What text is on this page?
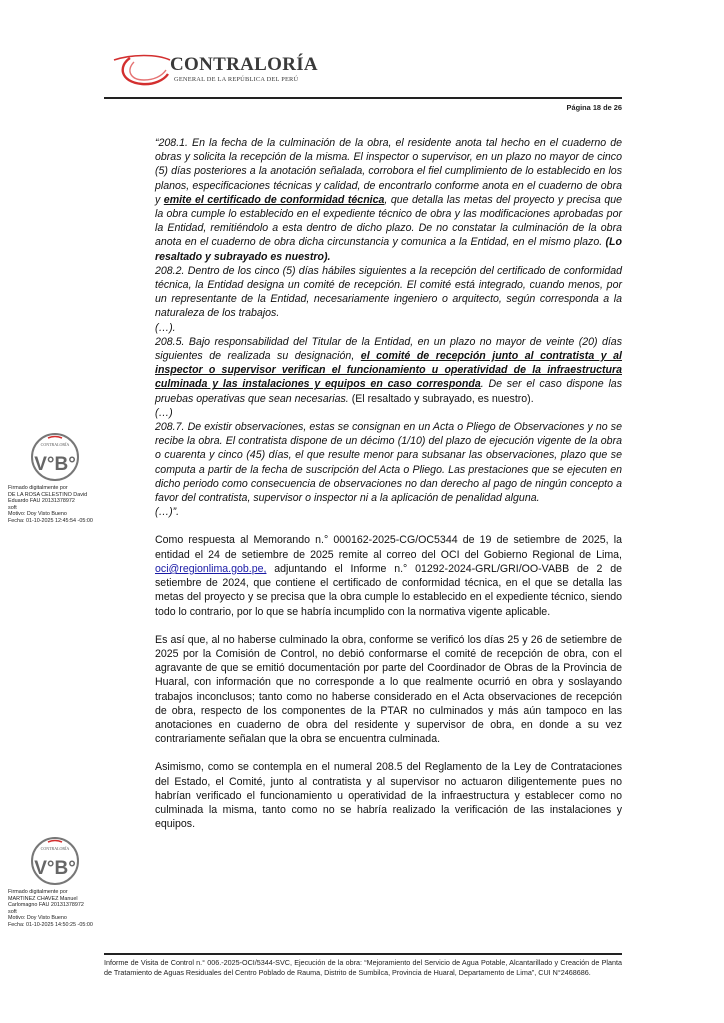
CONTRALORÍA
GENERAL DE LA REPÚBLICA DEL PERÚ
Página 18 de 26

“208.1. En la fecha de la culminación de la obra, el residente anota tal hecho en el cuaderno de obras y solicita la recepción de la misma. El inspector o supervisor, en un plazo no mayor de cinco (5) días posteriores a la anotación señalada, corrobora el fiel cumplimiento de lo establecido en los planos, especificaciones técnicas y calidad, de encontrarlo conforme anota en el cuaderno de obra y emite el certificado de conformidad técnica, que detalla las metas del proyecto y precisa que la obra cumple lo establecido en el expediente técnico de obra y las modificaciones aprobadas por la Entidad, remitiéndolo a esta dentro de dicho plazo. De no constatar la culminación de la obra anota en el cuaderno de obra dicha circunstancia y comunica a la Entidad, en el mismo plazo. (Lo resaltado y subrayado es nuestro).

208.2. Dentro de los cinco (5) días hábiles siguientes a la recepción del certificado de conformidad técnica, la Entidad designa un comité de recepción. El comité está integrado, cuando menos, por un representante de la Entidad, necesariamente ingeniero o arquitecto, según corresponda a la naturaleza de los trabajos.

(…).

208.5. Bajo responsabilidad del Titular de la Entidad, en un plazo no mayor de veinte (20) días siguientes de realizada su designación, el comité de recepción junto al contratista y al inspector o supervisor verifican el funcionamiento u operatividad de la infraestructura culminada y las instalaciones y equipos en caso corresponda. De ser el caso dispone las pruebas operativas que sean necesarias. (El resaltado y subrayado, es nuestro).

(…)

208.7. De existir observaciones, estas se consignan en un Acta o Pliego de Observaciones y no se recibe la obra. El contratista dispone de un décimo (1/10) del plazo de ejecución vigente de la obra o cuarenta y cinco (45) días, el que resulte menor para subsanar las observaciones, plazo que se computa a partir de la fecha de suscripción del Acta o Pliego. Las prestaciones que se ejecuten en dicho periodo como consecuencia de observaciones no dan derecho al pago de ningún concepto a favor del contratista, supervisor o inspector ni a la aplicación de penalidad alguna.

(…)”.

Como respuesta al Memorando n.° 000162-2025-CG/OC5344 de 19 de setiembre de 2025, la entidad el 24 de setiembre de 2025 remite al correo del OCI del Gobierno Regional de Lima, oci@regionlima.gob.pe, adjuntando el Informe n.° 01292-2024-GRL/GRI/OO-VABB de 2 de setiembre de 2024, que contiene el certificado de conformidad técnica, en el que se detalla las metas del proyecto y se precisa que la obra cumple lo establecido en el expediente técnico, siendo todo lo contrario, por lo que se habría incumplido con la normativa vigente aplicable.

Es así que, al no haberse culminado la obra, conforme se verificó los días 25 y 26 de setiembre de 2025 por la Comisión de Control, no debió conformarse el comité de recepción de obra, con el agravante de que se emitió documentación por parte del Coordinador de Obras de la Provincia de Huaral, con información que no corresponde a lo que realmente ocurrió en obra y soslayando trabajos inconclusos; tanto como no haberse considerado en el Acta observaciones de recepción de obra, respecto de los componentes de la PTAR no culminados y más aún tampoco en las anotaciones en cuaderno de obra del residente y supervisor de obra, en donde a su vez contrariamente señalan que la obra se encuentra culminada.

Asimismo, como se contempla en el numeral 208.5 del Reglamento de la Ley de Contrataciones del Estado, el Comité, junto al contratista y al supervisor no actuaron diligentemente pues no habrían verificado el funcionamiento u operatividad de la infraestructura y establecer como no culminada la misma, tanto como no se habría realizado la verificación de las instalaciones y equipos.

CONTRALORÍA
V°B°
Firmado digitalmente por
DE LA ROSA CELESTINO David
Eduardo FAU 20131378972
soft
Motivo: Doy Visto Bueno
Fecha: 01-10-2025 12:45:54 -05:00
CONTRALORÍA
V°B°
Firmado digitalmente por
MARTINEZ CHAVEZ Manuel
Carlomagno FAU 20131378972
soft
Motivo: Doy Visto Bueno
Fecha: 01-10-2025 14:50:25 -05:00
Informe de Visita de Control n.° 006.-2025-OCI/5344-SVC, Ejecución de la obra: “Mejoramiento del Servicio de Agua Potable, Alcantarillado y Creación de Planta de Tratamiento de Aguas Residuales del Centro Poblado de Rauma, Distrito de Sumbilca, Provincia de Huaral, Departamento de Lima”, CUI N°2468686.
